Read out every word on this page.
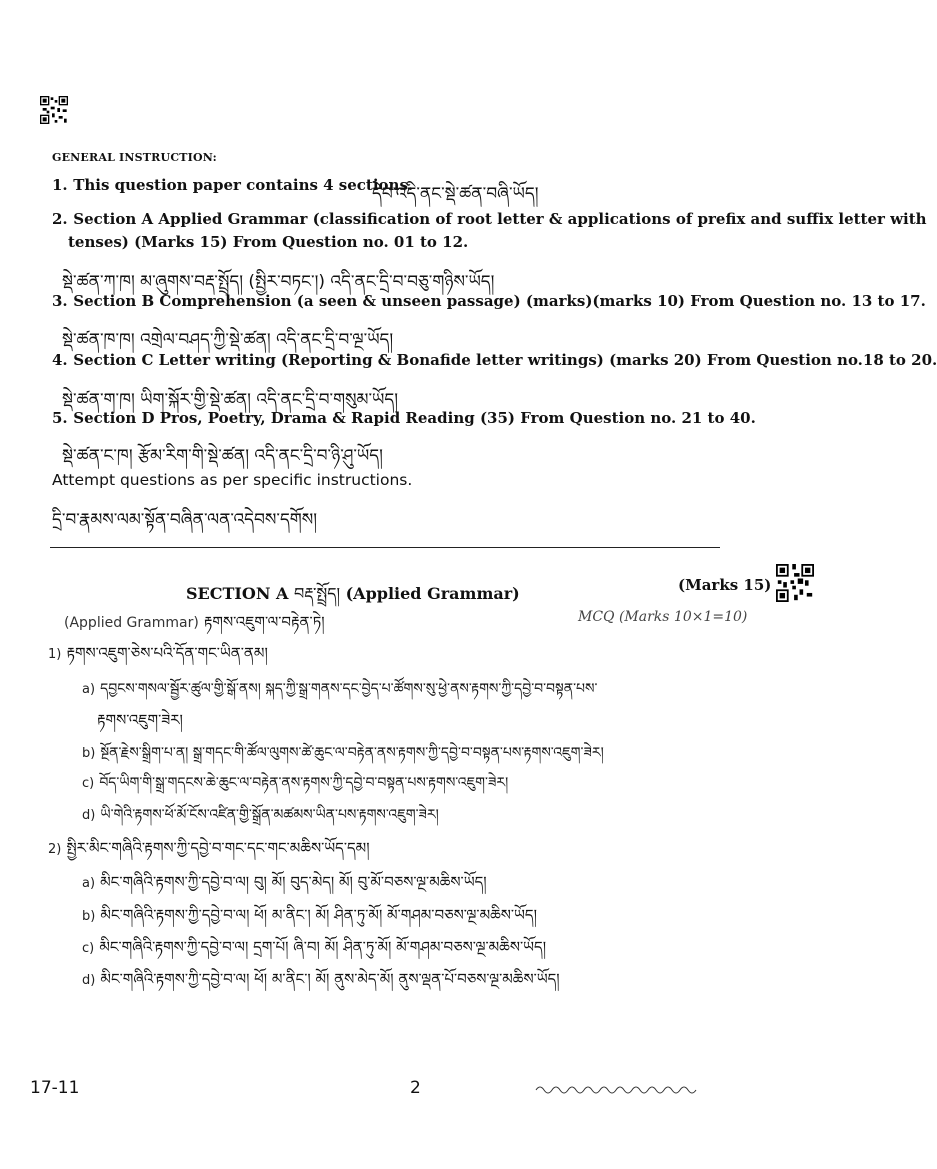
GENERAL INSTRUCTION:
1. This question paper contains 4 sections.
དེབ་འདི་ནང་སྡེ་ཚན་བཞི་ཡོད།
2. Section A Applied Grammar (classification of root letter & applications of prefix and suffix letter with
tenses) (Marks 15) From Question no. 01 to 12.
སྡེ་ཚན་ཀ་ཁ། མ་ཞུགས་བརྡ་སྤྲོད། (སྤྱིར་བཏང་།) འདི་ནང་དྲི་བ་བཅུ་གཉིས་ཡོད།
3. Section B Comprehension (a seen & unseen passage) (marks)(marks 10) From Question no. 13 to 17.
སྡེ་ཚན་ཁ་ཁ། འགྲེལ་བཤད་ཀྱི་སྡེ་ཚན། འདི་ནང་དྲི་བ་ལྔ་ཡོད།
4. Section C Letter writing (Reporting & Bonafide letter writings) (marks 20) From Question no.18 to 20.
སྡེ་ཚན་ག་ཁ། ཡིག་སྐོར་གྱི་སྡེ་ཚན། འདི་ནང་དྲི་བ་གསུམ་ཡོད།
5. Section D Pros, Poetry, Drama & Rapid Reading (35) From Question no. 21 to 40.
སྡེ་ཚན་ང་ཁ། རྩོམ་རིག་གི་སྡེ་ཚན། འདི་ནང་དྲི་བ་ཉི་ཤུ་ཡོད།
Attempt questions as per specific instructions.
དྲི་བ་རྣམས་ལམ་སྟོན་བཞིན་ལན་འདེབས་དགོས།
SECTION A བརྡ་སྤྲོད། (Applied Grammar)	(Marks 15)
(Applied Grammar) རྟགས་འཇུག་ལ་བརྟེན་ཏེ།	MCQ (Marks 10×1=10)
1) རྟགས་འཇུག་ཅེས་པའི་དོན་གང་ཡིན་ནམ།
a) དབྱངས་གསལ་སྦྱོར་ཚུལ་གྱི་སྒོ་ནས། སྐད་ཀྱི་སྒྲ་གནས་དང་བྱེད་པ་ཚོགས་སུ་ཕྱེ་ནས་རྟགས་ཀྱི་དབྱེ་བ་བསྟན་པས་
རྟགས་འཇུག་ཟེར།
b) སྔོན་རྗེས་སྒྲིག་པ་ན། སྒྲ་གདང་གི་ཚོལ་ལུགས་ཚེ་ཆུང་ལ་བརྟེན་ནས་རྟགས་ཀྱི་དབྱེ་བ་བསྟན་པས་རྟགས་འཇུག་ཟེར།
c) བོད་ཡིག་གི་སྒྲ་གདངས་ཆེ་ཆུང་ལ་བརྟེན་ནས་རྟགས་ཀྱི་དབྱེ་བ་བསྟན་པས་རྟགས་འཇུག་ཟེར།
d) ཡི་གེའི་རྟགས་ཕོ་མོ་ངོས་འཛིན་གྱི་སྒྲོན་མཚམས་ཡིན་པས་རྟགས་འཇུག་ཟེར།
2) སྤྱིར་མིང་གཞིའི་རྟགས་ཀྱི་དབྱེ་བ་གང་དང་གང་མཆིས་ཡོད་དམ།
a) མིང་གཞིའི་རྟགས་ཀྱི་དབྱེ་བ་ལ། བུ། མོ། བུད་མེད། མོ། བུ་མོ་བཅས་ལྔ་མཆིས་ཡོད།
b) མིང་གཞིའི་རྟགས་ཀྱི་དབྱེ་བ་ལ། ཕོ། མ་ནིང་། མོ། ཤིན་ཏུ་མོ། མོ་གཤམ་བཅས་ལྔ་མཆིས་ཡོད།
c) མིང་གཞིའི་རྟགས་ཀྱི་དབྱེ་བ་ལ། དྲག་པོ། ཞི་བ། མོ། ཤིན་ཏུ་མོ། མོ་གཤམ་བཅས་ལྔ་མཆིས་ཡོད།
d) མིང་གཞིའི་རྟགས་ཀྱི་དབྱེ་བ་ལ། ཕོ། མ་ནིང་། མོ། ནུས་མེད་མོ། ནུས་ལྡན་པོ་བཅས་ལྔ་མཆིས་ཡོད།
17-11	2
